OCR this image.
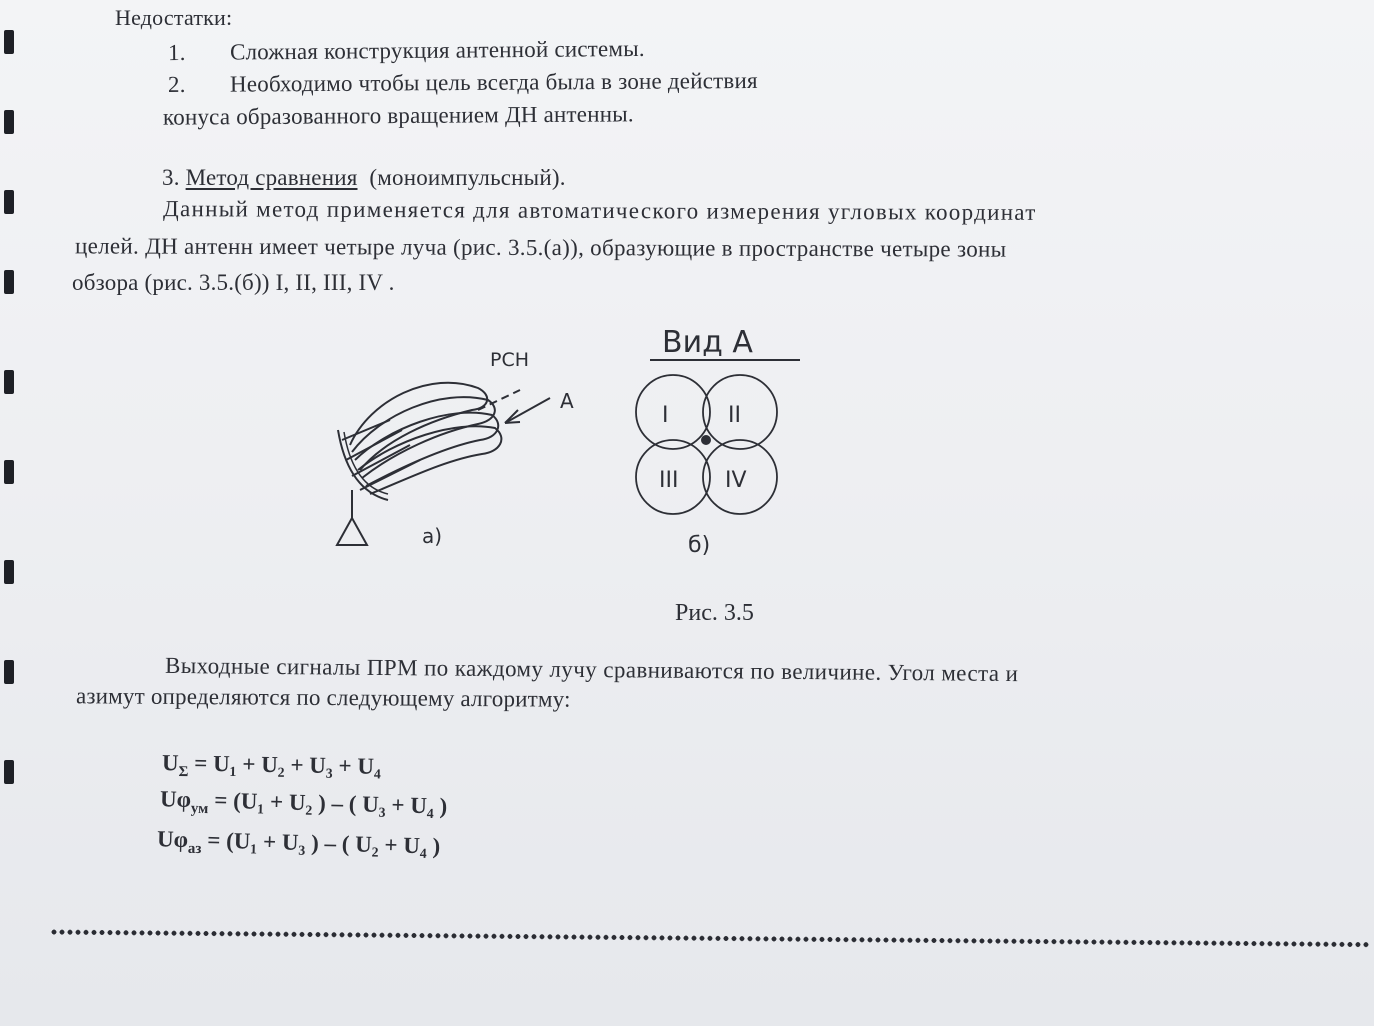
Недостатки:
1. Сложная конструкция антенной системы.
2. Необходимо чтобы цель всегда была в зоне действия
конуса образованного вращением ДН антенны.
3. Метод сравнения (моноимпульсный).
Данный метод применяется для автоматического измерения угловых координат
целей. ДН антенн имеет четыре луча (рис. 3.5.(а)), образующие в пространстве четыре зоны
обзора (рис. 3.5.(б)) I, II, III, IV .
РСН
А
а)
Вид А
I	II
III IV
б)
Рис. 3.5
Выходные сигналы ПРМ по каждому лучу сравниваются по величине. Угол места и
азимут определяются по следующему алгоритму:
$U_\Sigma = U_1 + U_2 + U_3 + U_4$
$U\varphi_{ум} = (U_1 + U_2$ ) – ( U₃ + U₄ )
$U\varphi_{аз} = (U_1 + U_3$ ) – ( U₂ + U₄ )
